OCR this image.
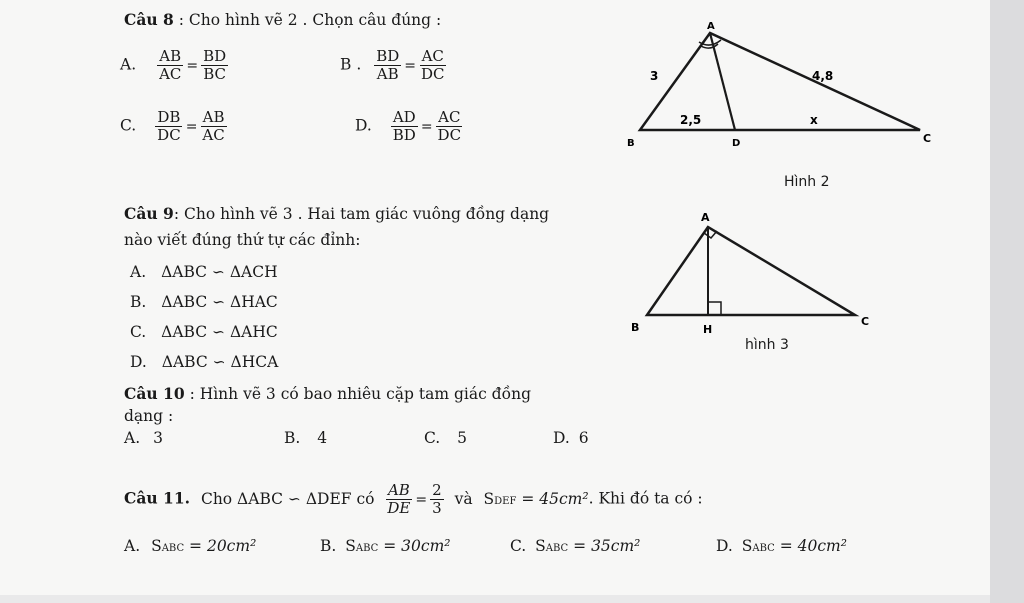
Câu 8 : Cho hình vẽ 2 . Chọn câu đúng :
A. $\frac{AB}{AC} = \frac{BD}{BC}$	B . $\frac{BD}{AB} = \frac{AC}{DC}$
C. $\frac{DB}{DC} = \frac{AB}{AC}$	D. $\frac{AD}{BD} = \frac{AC}{DC}$
A
B	C
D
3	4,8
2,5	x
Hình 2
Câu 9: Cho hình vẽ 3 . Hai tam giác vuông đồng dạng
nào viết đúng thứ tự các đỉnh:
A. ΔABC ∽ ΔACH
B. ΔABC ∽ ΔHAC
C. ΔABC ∽ ΔAHC
D. ΔABC ∽ ΔHCA
A
B	C
H
hình 3
Câu 10 : Hình vẽ 3 có bao nhiêu cặp tam giác đồng
dạng :
A. 3	B. 4	C. 5	D. 6
Câu 11. Cho ΔABC ∽ ΔDEF có $\frac{AB}{DE} = \frac{2}{3}$ và SDEF = 45cm². Khi đó ta có :
A. SABC = 20cm²	B. SABC = 30cm²	C. SABC = 35cm²	D. SABC = 40cm²
